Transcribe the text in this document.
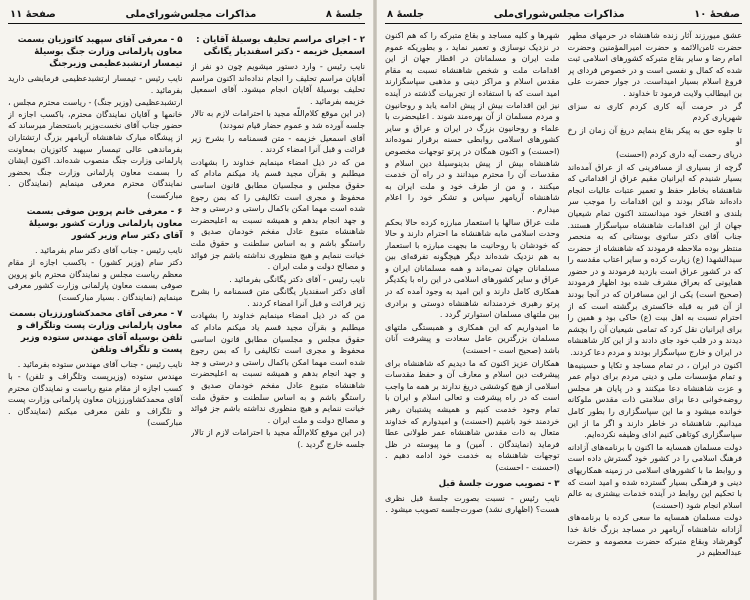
جلسهٔ ۸
مذاکرات مجلس‌شورای‌ملی
صفحهٔ ۱۱
۲ - اجرای مراسم تحلیف بوسیلهٔ آقایان : اسمعیل خزیمه - دکتر اسفندیار یگانگی

نایب رئیس - وارد دستور میشویم چون دو نفر از آقایان مراسم تحلیف را انجام نداده‌اند اکنون مراسم تحلیف بوسیلهٔ آقایان انجام میشود. آقای اسمعیل خزیمه بفرمائید .

(در این موقع کلام‌اللّه مجید با احترامات لازم به تالار جلسه آورده شد و عموم حضار قیام نمودند)

آقای اسمعیل خزیمه - متن قسمنامه را بشرح زیر قرائت و قبل آنرا امضاء کردند .

من که در ذیل امضاء مینمایم خداوند را بشهادت میطلبم و بقرآن مجید قسم یاد میکنم مادام که حقوق مجلس و مجلسیان مطابق قانون اساسی محفوظ و مجری است تکالیفی را که بمن رجوع شده است مهما امکن باکمال راستی و درستی و جد و جهد انجام بدهم و همیشه نسبت به اعلیحضرت شاهنشاه متبوع عادل مفخم خودمان صدیق و راستگو باشم و به اساس سلطنت و حقوق ملت خیانت ننمایم و هیچ منظوری نداشته باشم جز فوائد و مصالح دولت و ملت ایران .

نایب رئیس - آقای دکتر یگانگی بفرمائید .

آقای دکتر اسفندیار یگانگی متن قسمنامه را بشرح زیر قرائت و قبل آنرا امضاء کردند .

من که در ذیل امضاء مینمایم خداوند را بشهادت میطلبم و بقرآن مجید قسم یاد میکنم مادام که حقوق مجلس و مجلسیان مطابق قانون اساسی محفوظ و مجری است تکالیفی را که بمن رجوع شده است مهما امکن باکمال راستی و درستی و جد و جهد انجام بدهم و همیشه نسبت به اعلیحضرت شاهنشاه متبوع عادل مفخم خودمان صدیق و راستگو باشم و به اساس سلطنت و حقوق ملت خیانت ننمایم و هیچ منظوری نداشته باشم جز فوائد و مصالح دولت و ملت ایران .

(در این موقع کلام‌اللّه مجید با احترامات لازم از تالار جلسه خارج گردید .)

۵ - معرفی آقای سپهبد کاتوزیان بسمت معاون پارلمانی وزارت جنگ بوسیلهٔ تیمسار ارتشبدعظیمی وزیرجنگ

نایب رئیس - تیمسار ارتشبدعظیمی فرمایشی دارید بفرمائید .

ارتشبدعظیمی (وزیر جنگ) - ریاست محترم مجلس ، خانمها و آقایان نمایندگان محترم، باکسب اجازه از حضور جناب آقای نخست‌وزیر باستحضار میرساند که از پیشگاه مبارک شاهنشاه آریامهر بزرگ ارتشتاران بفرماندهی عالی تیمسار سپهبد کاتوزیان بمعاونت پارلمانی وزارت جنگ منصوب شده‌اند. اکنون ایشان را بسمت معاون پارلمانی وزارت جنگ بحضور نمایندگان محترم معرفی مینمایم (نمایندگان . مبارکست)

۶ - معرفی خانم پروین صوفی بسمت معاون پارلمانی وزارت کشور بوسیلهٔ آقای دکتر سام وزیر کشور

نایب رئیس - جناب آقای دکتر سام بفرمائید .

دکتر سام (وزیر کشور) - باکسب اجازه از مقام معظم ریاست مجلس و نمایندگان محترم بانو پروین صوفی بسمت معاون پارلمانی وزارت کشور معرفی مینمایم (نمایندگان . بسیار مبارکست)

۷ - معرفی آقای محمدکشاورززیان بسمت معاون پارلمانی وزارت پست وتلگراف و تلفن بوسیله آقای مهندس ستوده وزیر پست و تلگراف وتلفن

نایب رئیس - جناب آقای مهندس ستوده بفرمائید .

مهندس ستوده (وزیرپست وتلگراف و تلفن) - با کسب اجازه از مقام منیع ریاست و نمایندگان محترم آقای محمدکشاورززیان معاون پارلمانی وزارت پست و تلگراف و تلفن معرفی میکنم (نمایندگان . مبارکست)

صفحهٔ ۱۰
مذاکرات مجلس‌شورای‌ملی
جلسهٔ ۸

عشق میورزند آثار زنده شاهنشاه در حرمهای مطهر حضرت ثامن‌الائمه و حضرت امیرالمؤمنین وحضرت امام رضا و سایر بقاع متبرکه کشورهای اسلامی ثبت شده که کمال و نفسی است و در خصوص فردای پر فروغ اسلام بسیار امیداست. در جوار حضرت علی بن ابیطالب ولایت فرمود تا خداوند .

گر در حرمت آیه کاری کردم کاری نه سزای شهریاری کردم

تا جلوه حق به پیکر بقاع بنمایم دریغ آن زمان از رخ او

دریای رحمت آیه داری کردم (احسنت)

گرچه از بسیاری از مسافرینی که از عراق آمده‌اند بسیار شنیدم که ایرانیان مقیم عراق از اقداماتی که شاهنشاه بخاطر حفظ و تعمیر عتبات عالیات انجام داده‌اند شاکر بودند و این اقدامات را موجب سر بلندی و افتخار خود میدانستند اکنون تمام شیعیان جهان از این اقدامات شاهنشاه سپاسگزار هستند. جناب آقای دکتر ساتوی بوستانی که به منحصر منتظر بوده ملاحظه فرمودند که شاهنشاه از حضرت سیدالشهدا (ع) زیارت کرده و سایر اعتاب مقدسه را که در کشور عراق است بازدید فرمودند و در حضور همایونی که بعراق مشرف شده بود اظهار فرمودند (صحیح است) یکی از این مسافران که در آنجا بودند از آن قبر به قبله خاکستری برگشته است که از احترام نسبت به اهل بیت (ع) حاکی بود و همین را برای ایرانیان نقل کرد که تمامی شیعیان آن را بچشم دیدند و در قلب خود جای دادند و از این کار شاهنشاه در ایران و خارج سپاسگزار بودند و مردم دعا کردند.

اکنون در ایران ، در تمام مساجد و تکایا و حسینیه‌ها و تمام مؤسسات ملی و دینی مردم برای دوام عمر و عزت شاهنشاه دعا میکنند و در پایان هر مجلس روضه‌خوانی دعا برای سلامتی ذات مقدس ملوکانه خوانده میشود و ما این سپاسگزاری را بطور کامل میدانیم. شاهنشاه در خاطر دارند و اگر ما از این سپاسگزاری کوتاهی کنیم ادای وظیفه نکرده‌ایم.

دولت مسلمان همسایه ما اکنون با برنامه‌های آزادانه فرهنگ اسلامی را در کشور خود گسترش داده است و روابط ما با کشورهای اسلامی در زمینه همکاریهای دینی و فرهنگی بسیار گسترده شده و امید است که با تحکیم این روابط در آینده خدمات بیشتری به عالم اسلام انجام شود (احسنت)

دولت مسلمان همسایه ما سعی کرده با برنامه‌های آزادانه شاهنشاه آریامهر در مساجد بزرگ خانهٔ خدا گوهرشاد وبقاع متبرکه حضرت معصومه و حضرت عبدالعظیم در

شهرها و کلیه مساجد و بقاع متبرکه را که هم اکنون در نزدیک نوسازی و تعمیر نماید ، و بطوریکه عموم ملت ایران و مسلمانان در اقطار جهان از این اقدامات ملت و شخص شاهنشاه نسبت به مقام مقدس اسلام و مراکز دینی و مذهبی سپاسگزارند امید است که با استفاده از تجربیات گذشته در آینده نیز این اقدامات بیش از پیش ادامه یابد و روحانیون و مردم مسلمان از آن بهره‌مند شوند . اعلیحضرت با علماء و روحانیون بزرگ در ایران و عراق و سایر کشورهای اسلامی روابطی حسنه برقرار نموده‌اند (احسنت) و اکنون همگان در پرتو توجهات مخصوص شاهنشاه بیش از پیش بدینوسیلهٔ دین اسلام و مقدسات آن را محترم میدانند و در راه آن خدمت میکنند ، و من از طرف خود و ملت ایران به شاهنشاه آریامهر سپاس و تشکر خود را اعلام میدارم .

ملت عراق سالها با استعمار مبارزه کرده حالا بحکم وحدت اسلامی مابه شاهنشاه ما احترام دارند و حالا که خودشان با روحانیت ما بجهت مبارزه با استعمار به هم نزدیک شده‌اند دیگر هیچگونه تفرقه‌ای بین مسلمانان جهان نمی‌ماند و همه مسلمانان ایران و عراق و سایر کشورهای اسلامی در این راه با یکدیگر همکاری کامل دارند و این امید به وجود آمده که در پرتو رهبری خردمندانه شاهنشاه دوستی و برادری بین ملتهای مسلمان استوارتر گردد .

ما امیدواریم که این همکاری و همبستگی ملتهای مسلمان بزرگترین عامل سعادت و پیشرفت آنان باشد (صحیح است - احسنت)

همکاران عزیز اکنون که ما دیدیم که شاهنشاه برای پیشرفت دین اسلام و معارف آن و حفظ مقدسات اسلامی از هیچ کوششی دریغ ندارند بر همه ما واجب است که در راه پیشرفت و تعالی اسلام و ایران با تمام وجود خدمت کنیم و همیشه پشتیبان رهبر خردمند خود باشیم (احسنت) و امیدوارم که خداوند متعال به ذات مقدس شاهنشاه عمر طولانی عطا فرماید (نمایندگان . آمین) و ما پیوسته در ظل توجهات شاهنشاه به خدمت خود ادامه دهیم . (احسنت - احسنت)

۳ - تصویب صورت جلسهٔ قبل

نایب رئیس - نسبت بصورت جلسهٔ قبل نظری هست؟ (اظهاری نشد) صورت‌جلسه تصویب میشود .
